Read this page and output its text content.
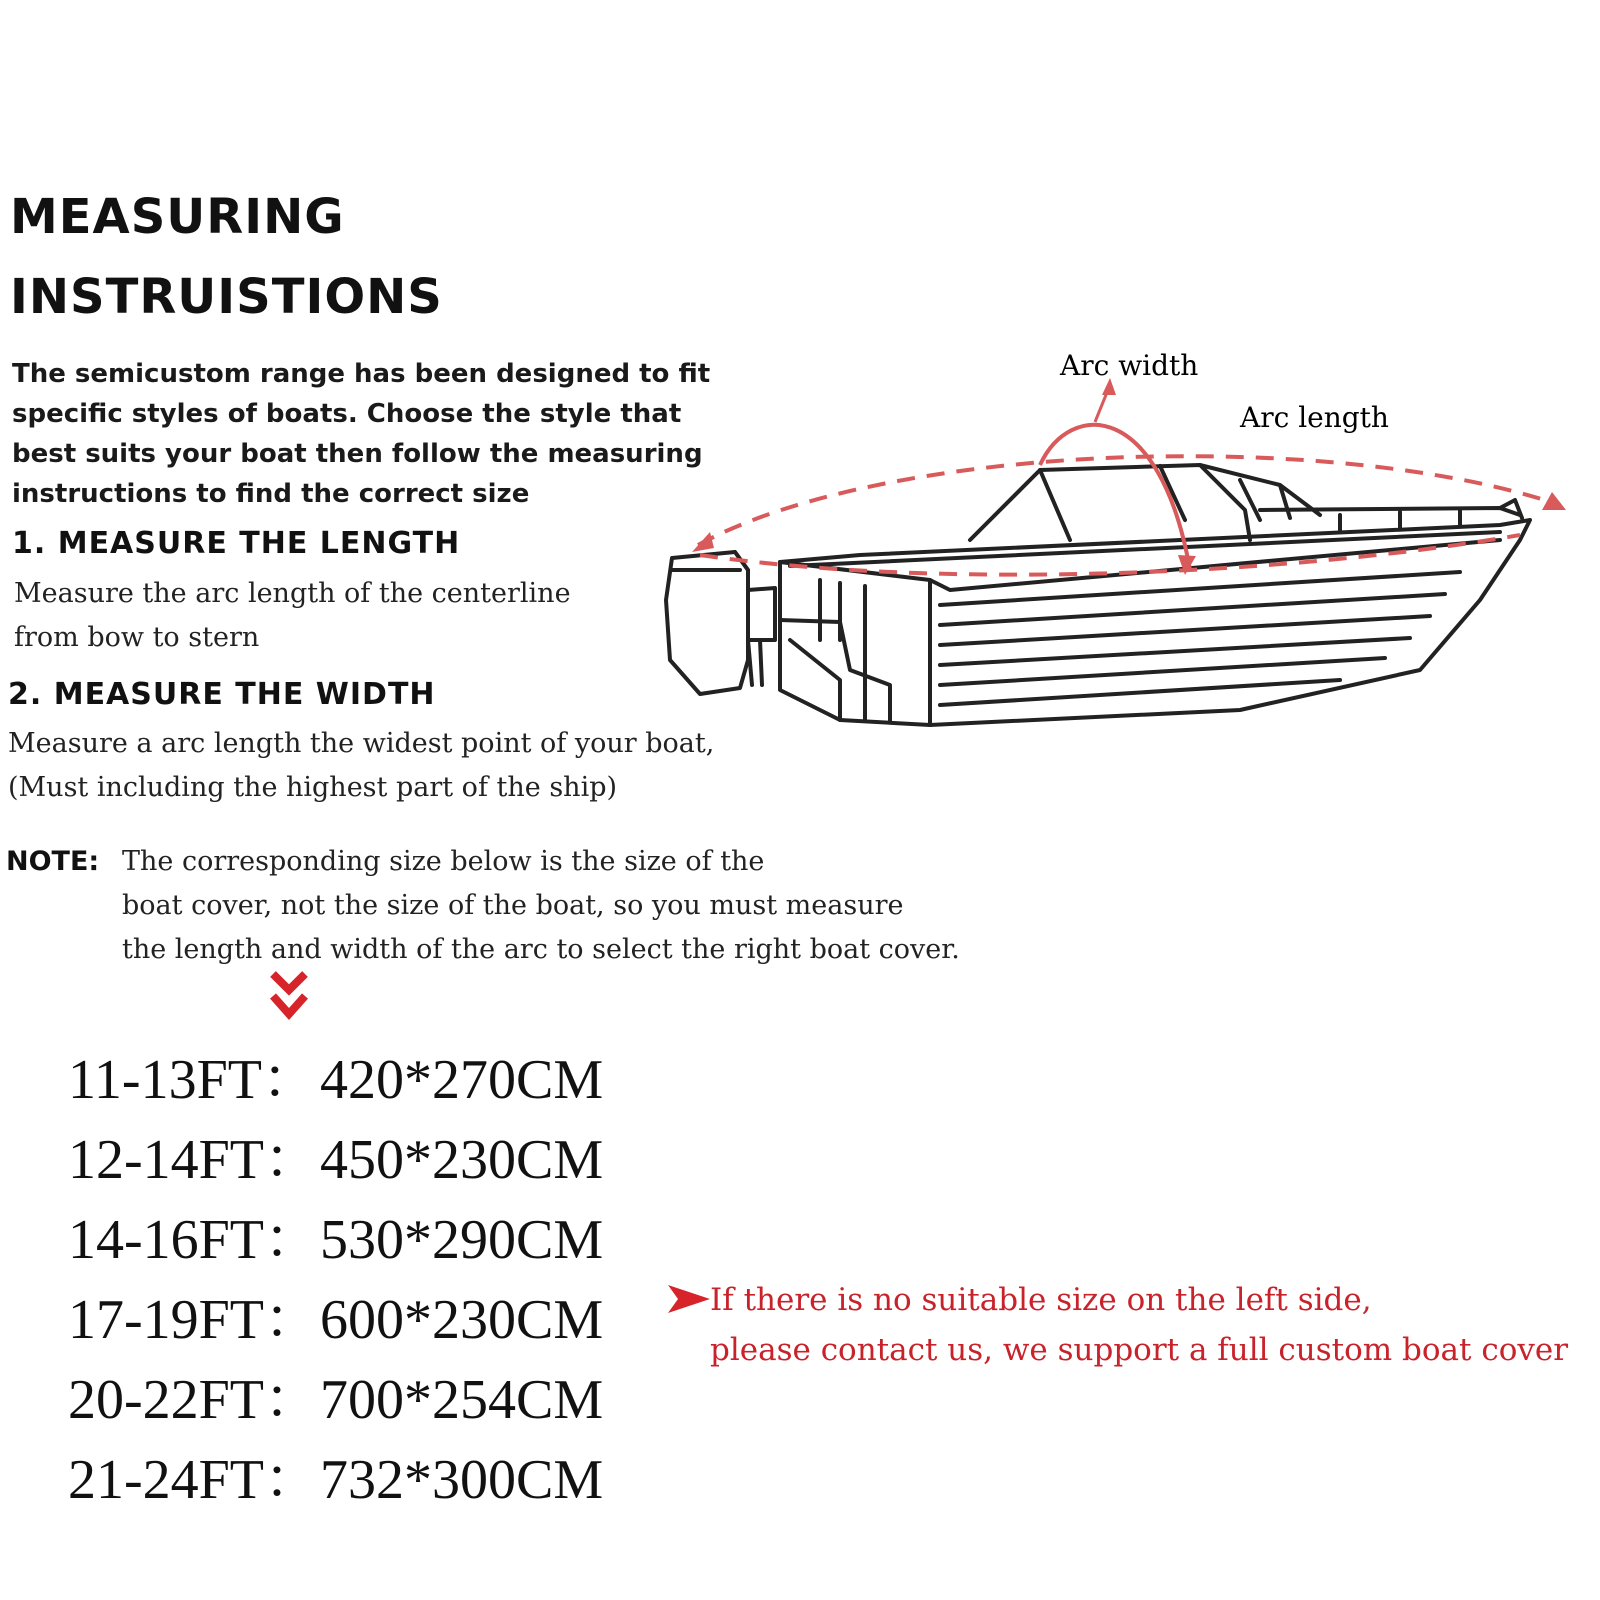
MEASURING
INSTRUISTIONS
The semicustom range has been designed to fit
specific styles of boats. Choose the style that
best suits your boat then follow the measuring
instructions to find the correct size
1. MEASURE THE LENGTH
Measure the arc length of the centerline
from bow to stern
2. MEASURE THE WIDTH
Measure a arc length the widest point of your boat,
(Must including the highest part of the ship)
NOTE: The corresponding size below is the size of the
boat cover, not the size of the boat, so you must measure
the length and width of the arc to select the right boat cover.
11-13FT： 420*270CM
12-14FT： 450*230CM
14-16FT： 530*290CM
17-19FT： 600*230CM
20-22FT： 700*254CM
21-24FT： 732*300CM
If there is no suitable size on the left side,
please contact us, we support a full custom boat cover
Arc width
Arc length
